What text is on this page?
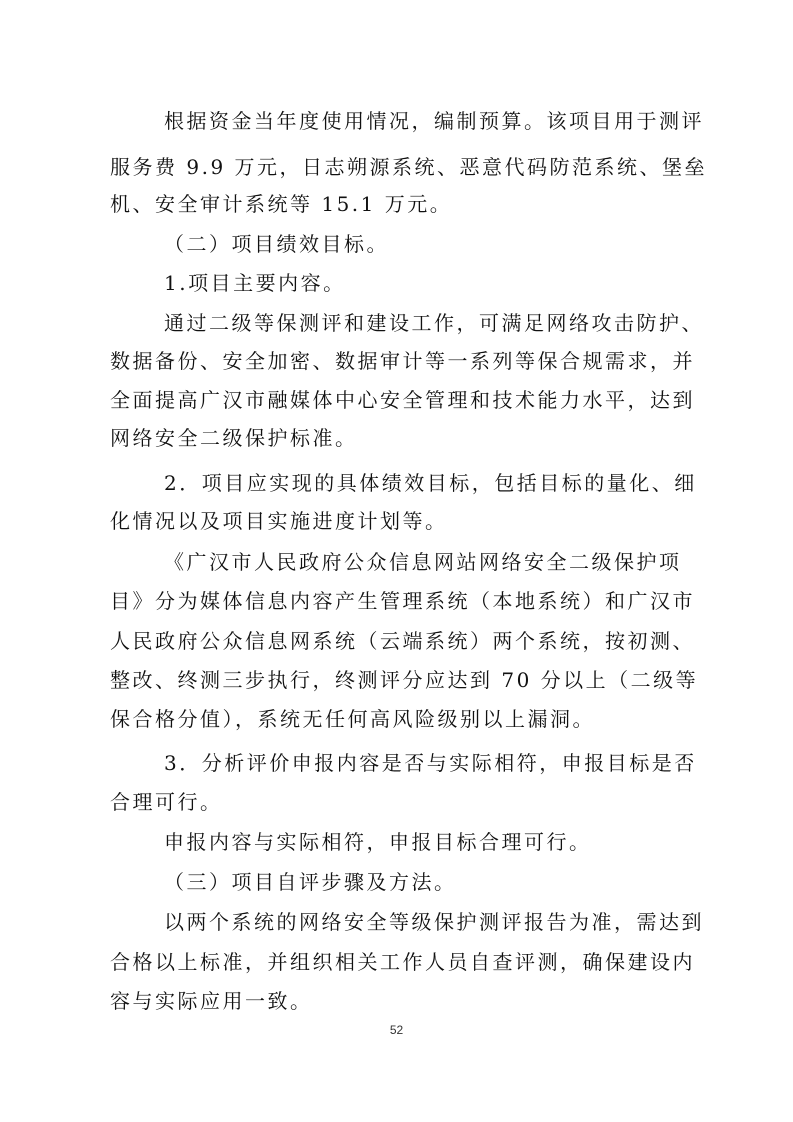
根据资金当年度使用情况，编制预算。该项目用于测评
服务费 9.9 万元，日志朔源系统、恶意代码防范系统、堡垒
机、安全审计系统等 15.1 万元。
（二）项目绩效目标。
1.项目主要内容。
通过二级等保测评和建设工作，可满足网络攻击防护、
数据备份、安全加密、数据审计等一系列等保合规需求，并
全面提高广汉市融媒体中心安全管理和技术能力水平，达到
网络安全二级保护标准。
2．项目应实现的具体绩效目标，包括目标的量化、细
化情况以及项目实施进度计划等。
《广汉市人民政府公众信息网站网络安全二级保护项
目》分为媒体信息内容产生管理系统（本地系统）和广汉市
人民政府公众信息网系统（云端系统）两个系统，按初测、
整改、终测三步执行，终测评分应达到 70 分以上（二级等
保合格分值），系统无任何高风险级别以上漏洞。
3．分析评价申报内容是否与实际相符，申报目标是否
合理可行。
申报内容与实际相符，申报目标合理可行。
（三）项目自评步骤及方法。
以两个系统的网络安全等级保护测评报告为准，需达到
合格以上标准，并组织相关工作人员自查评测，确保建设内
容与实际应用一致。
52
